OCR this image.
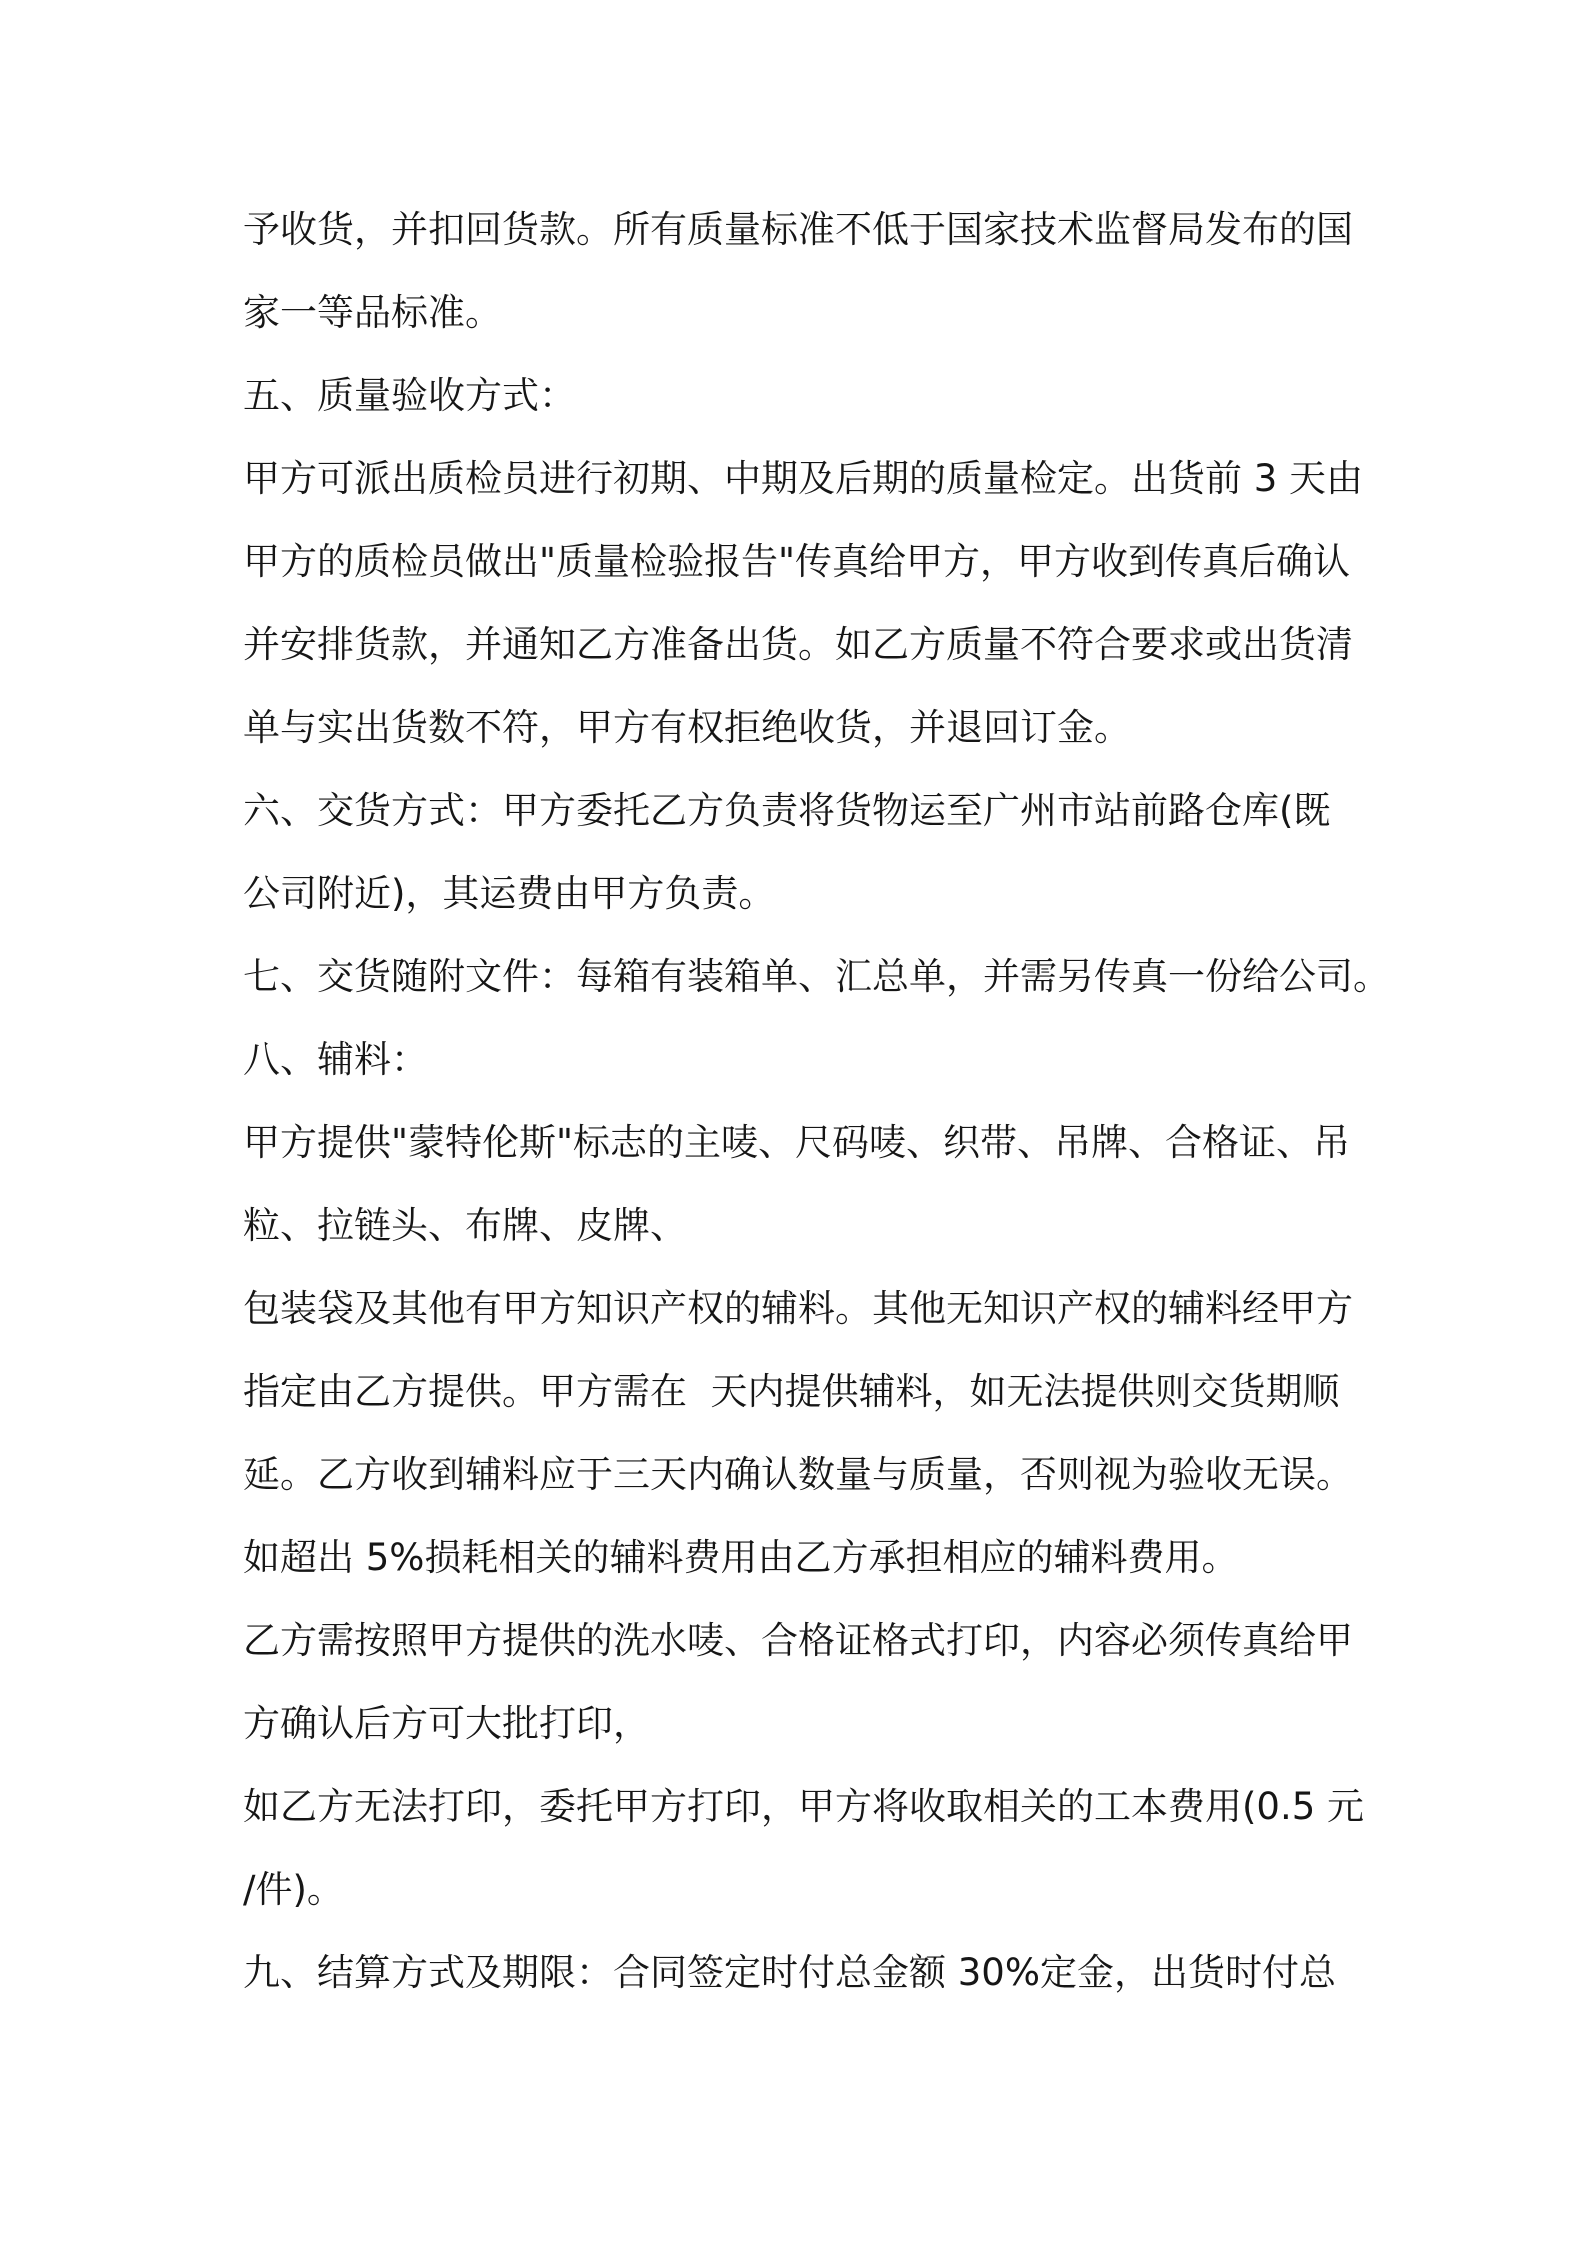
予收货，并扣回货款。所有质量标准不低于国家技术监督局发布的国
家一等品标准。
五、质量验收方式：
甲方可派出质检员进行初期、中期及后期的质量检定。出货前 3 天由
甲方的质检员做出"质量检验报告"传真给甲方，甲方收到传真后确认
并安排货款，并通知乙方准备出货。如乙方质量不符合要求或出货清
单与实出货数不符，甲方有权拒绝收货，并退回订金。
六、交货方式：甲方委托乙方负责将货物运至广州市站前路仓库(既
公司附近)，其运费由甲方负责。
七、交货随附文件：每箱有装箱单、汇总单，并需另传真一份给公司。
八、辅料：
甲方提供"蒙特伦斯"标志的主唛、尺码唛、织带、吊牌、合格证、吊
粒、拉链头、布牌、皮牌、
包装袋及其他有甲方知识产权的辅料。其他无知识产权的辅料经甲方
指定由乙方提供。甲方需在  天内提供辅料，如无法提供则交货期顺
延。乙方收到辅料应于三天内确认数量与质量，否则视为验收无误。
如超出 5%损耗相关的辅料费用由乙方承担相应的辅料费用。
乙方需按照甲方提供的洗水唛、合格证格式打印，内容必须传真给甲
方确认后方可大批打印，
如乙方无法打印，委托甲方打印，甲方将收取相关的工本费用(0.5 元
/件)。
九、结算方式及期限：合同签定时付总金额 30%定金，出货时付总
